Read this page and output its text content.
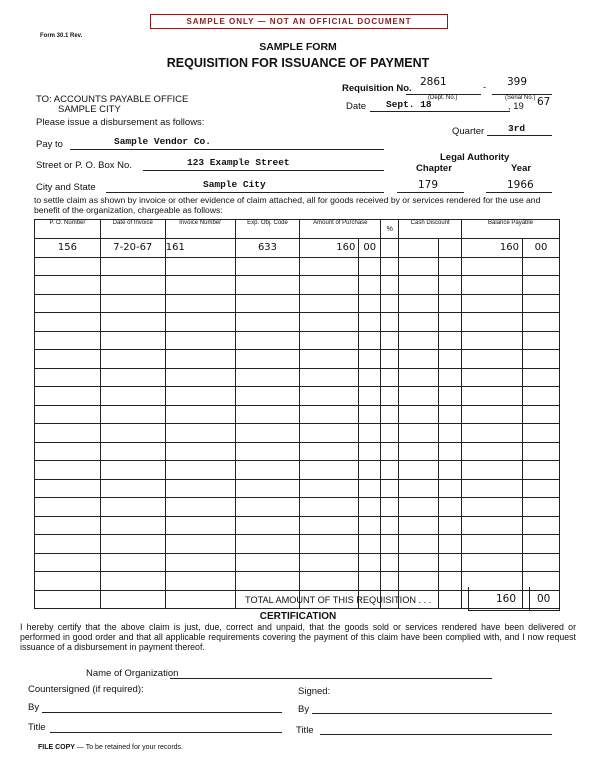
Form 30.1 Rev.
SAMPLE ONLY — NOT AN OFFICIAL DOCUMENT
SAMPLE FORM
REQUISITION FOR ISSUANCE OF PAYMENT
Requisition No.
2861
(Dept. No.)
- 399
(Serial No.)
TO: ACCOUNTS PAYABLE OFFICE
SAMPLE CITY
Please issue a disbursement as follows:
Date Sept. 18	, 19 67
Quarter	3rd
Pay to	Sample Vendor Co.
Legal Authority
Chapter	Year
Street or P. O. Box No.	123 Example Street
City and State	Sample City	179	1966
to settle claim as shown by invoice or other evidence of claim attached, all for goods received by or services rendered for the use and benefit of the organization, chargeable as follows:
P. O. Number	Date of Invoice	Invoice Number	Exp. Obj. Code	Amount of Purchase		%	Cash Discount		Balance Payable	
156	7-20-67	161	633	160	00				160	00

TOTAL AMOUNT OF THIS REQUISITION . . .	160 00
CERTIFICATION
I hereby certify that the above claim is just, due, correct and unpaid, that the goods sold or services rendered have been delivered or performed in good order and that all applicable requirements covering the payment of this claim have been complied with, and I now request issuance of a disbursement in payment thereof.
Name of Organization
Countersigned (if required):	Signed:
By	By
Title	Title
FILE COPY — To be retained for your records.
